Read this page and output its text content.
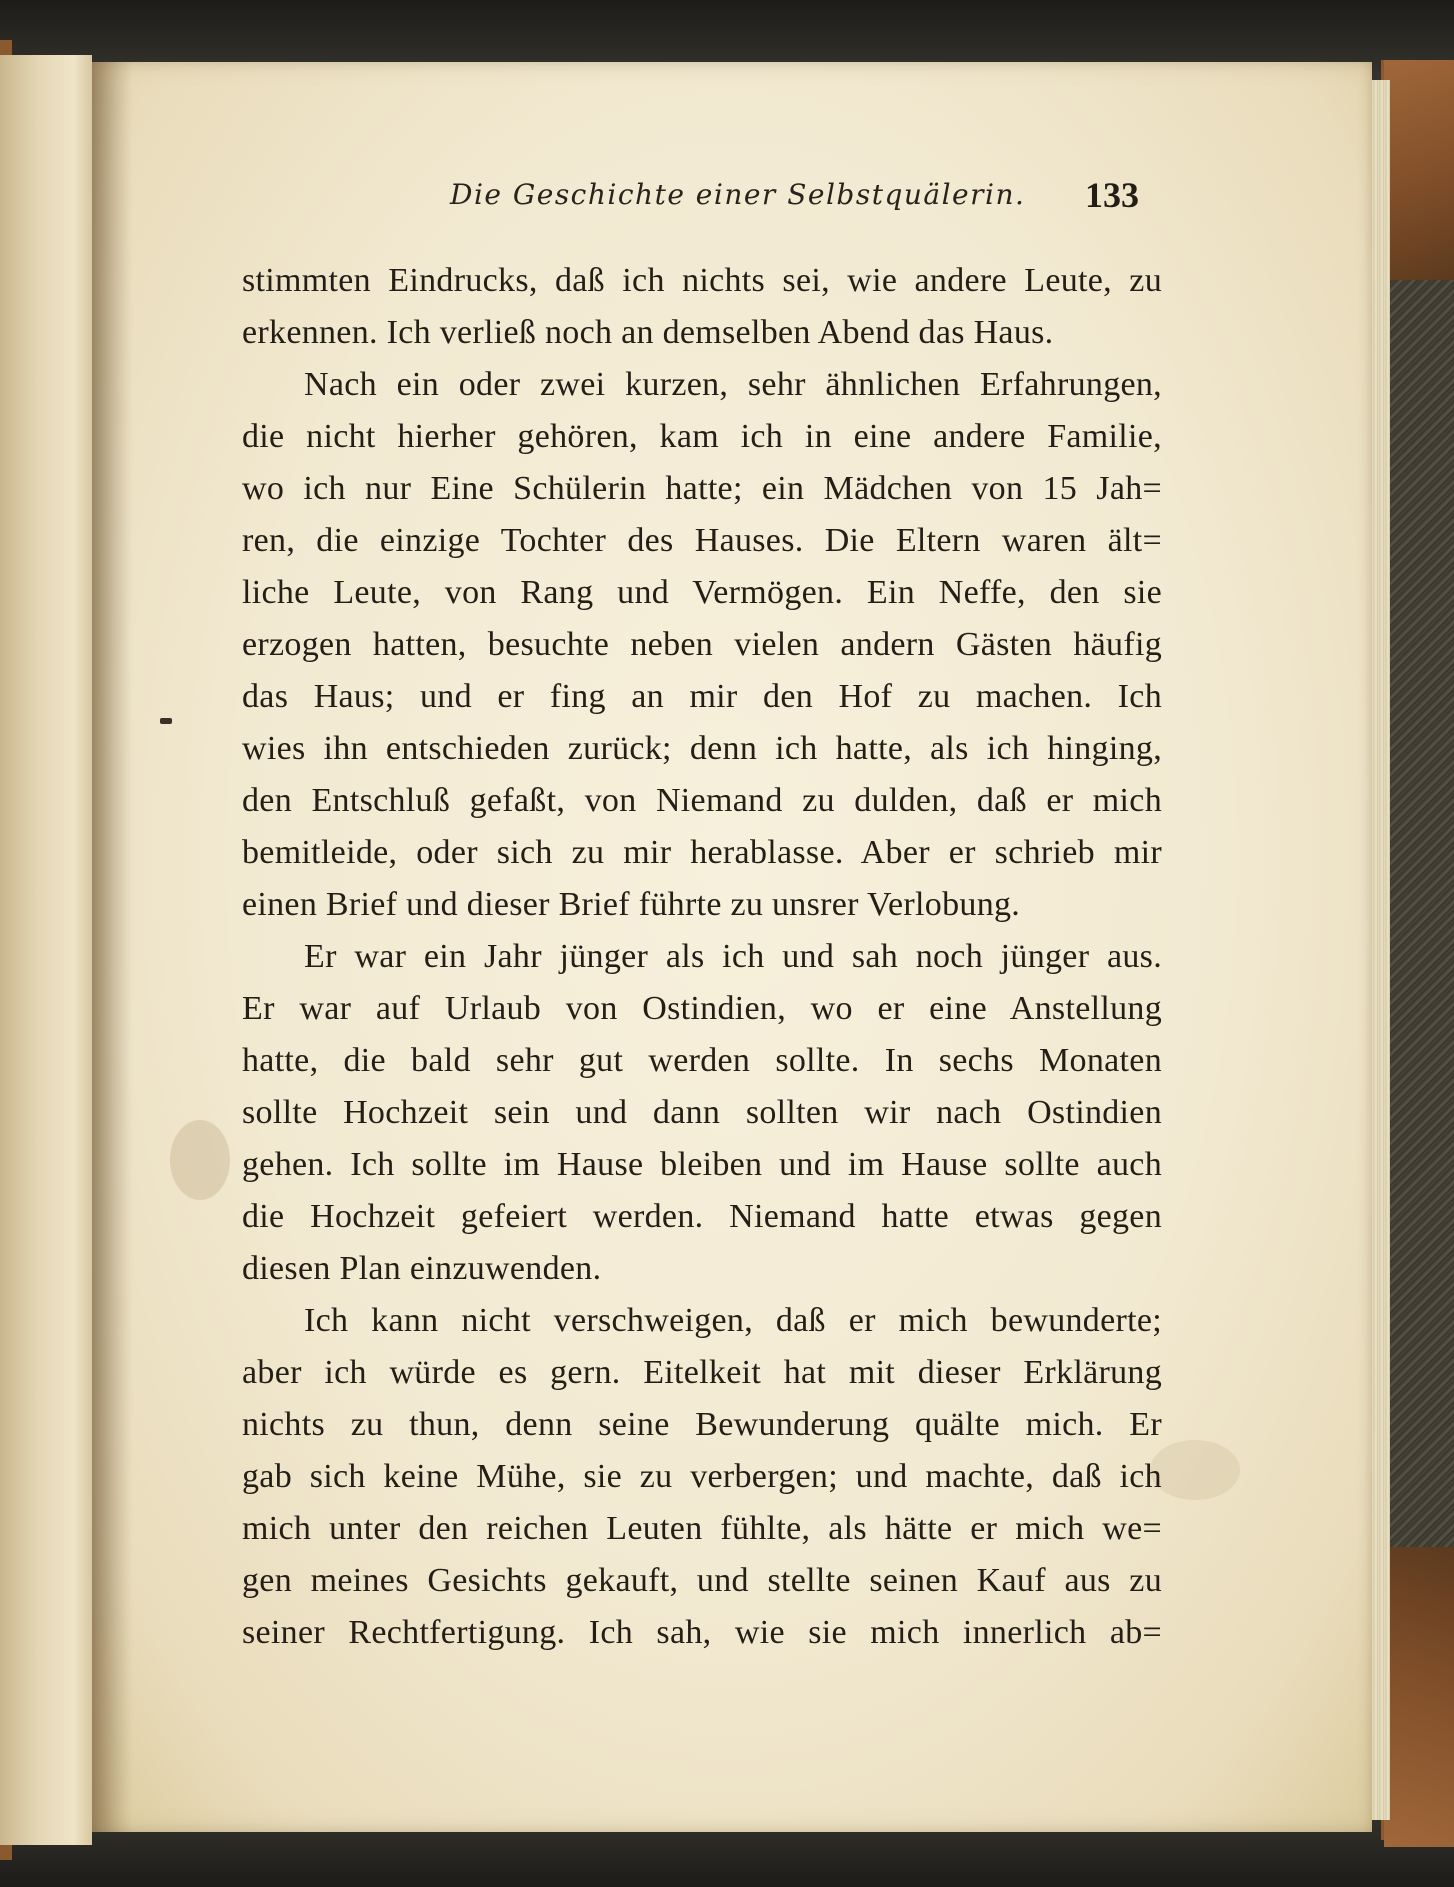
Die Geschichte einer Selbstquälerin. 133
stimmten Eindrucks, daß ich nichts sei, wie andere Leute, zu
erkennen. Ich verließ noch an demselben Abend das Haus.
Nach ein oder zwei kurzen, sehr ähnlichen Erfahrungen,
die nicht hierher gehören, kam ich in eine andere Familie,
wo ich nur Eine Schülerin hatte; ein Mädchen von 15 Jah=
ren, die einzige Tochter des Hauses. Die Eltern waren ält=
liche Leute, von Rang und Vermögen. Ein Neffe, den sie
erzogen hatten, besuchte neben vielen andern Gästen häufig
das Haus; und er fing an mir den Hof zu machen. Ich
wies ihn entschieden zurück; denn ich hatte, als ich hinging,
den Entschluß gefaßt, von Niemand zu dulden, daß er mich
bemitleide, oder sich zu mir herablasse. Aber er schrieb mir
einen Brief und dieser Brief führte zu unsrer Verlobung.
Er war ein Jahr jünger als ich und sah noch jünger aus.
Er war auf Urlaub von Ostindien, wo er eine Anstellung
hatte, die bald sehr gut werden sollte. In sechs Monaten
sollte Hochzeit sein und dann sollten wir nach Ostindien
gehen. Ich sollte im Hause bleiben und im Hause sollte auch
die Hochzeit gefeiert werden. Niemand hatte etwas gegen
diesen Plan einzuwenden.
Ich kann nicht verschweigen, daß er mich bewunderte;
aber ich würde es gern. Eitelkeit hat mit dieser Erklärung
nichts zu thun, denn seine Bewunderung quälte mich. Er
gab sich keine Mühe, sie zu verbergen; und machte, daß ich
mich unter den reichen Leuten fühlte, als hätte er mich we=
gen meines Gesichts gekauft, und stellte seinen Kauf aus zu
seiner Rechtfertigung. Ich sah, wie sie mich innerlich ab=
